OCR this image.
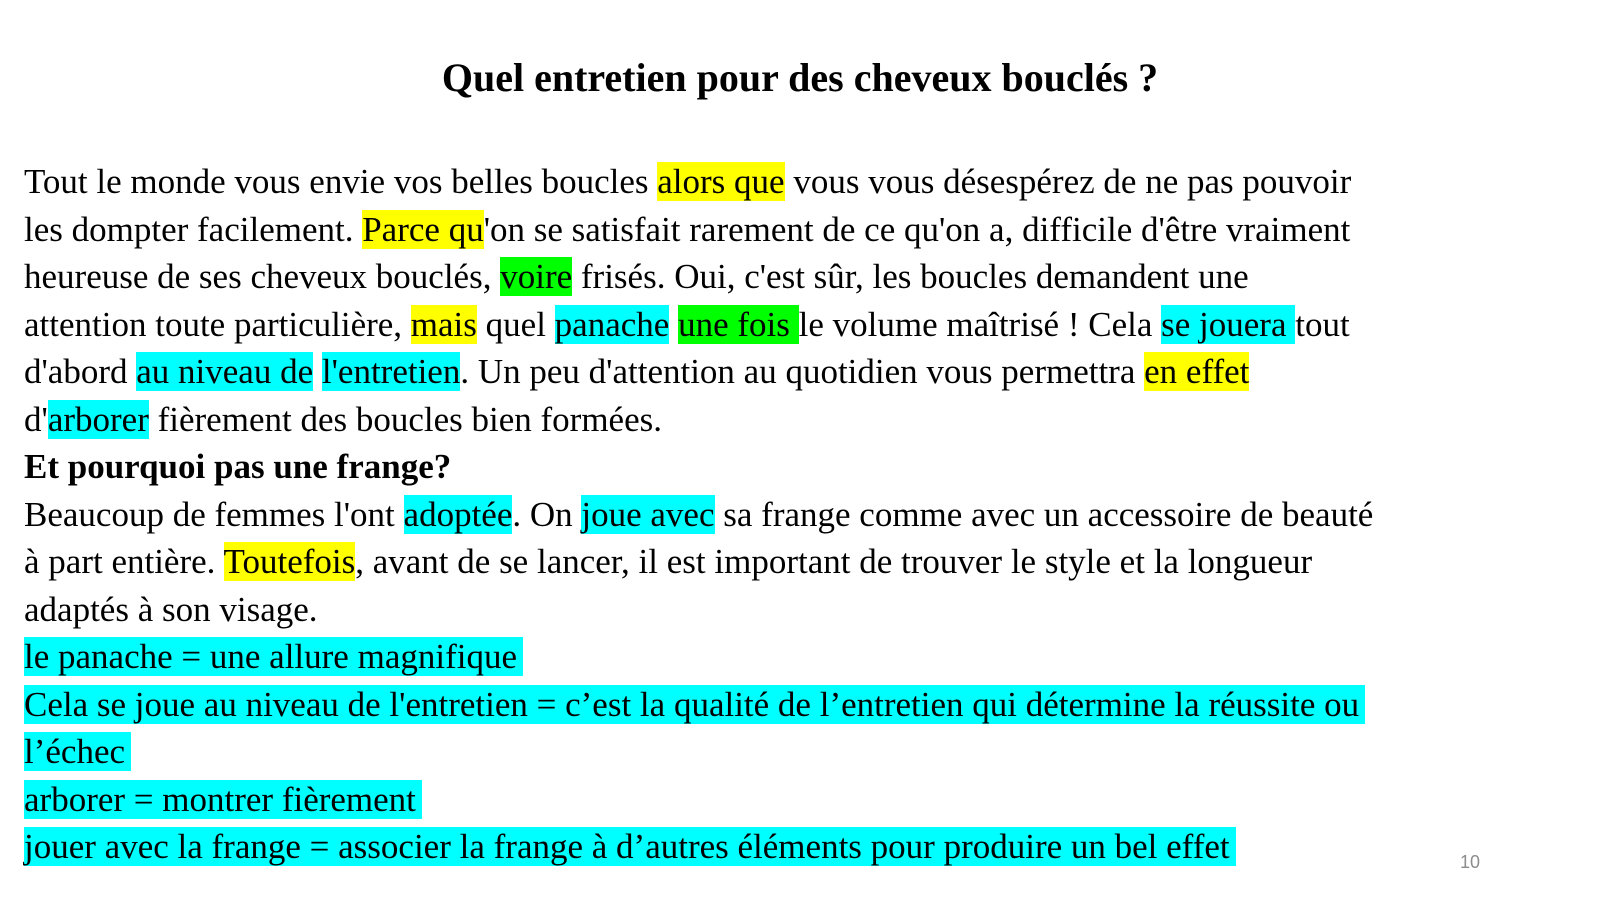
Quel entretien pour des cheveux bouclés ?
Tout le monde vous envie vos belles boucles alors que vous vous désespérez de ne pas pouvoir
les dompter facilement. Parce qu'on se satisfait rarement de ce qu'on a, difficile d'être vraiment
heureuse de ses cheveux bouclés, voire frisés. Oui, c'est sûr, les boucles demandent une
attention toute particulière, mais quel panache une fois le volume maîtrisé ! Cela se jouera tout
d'abord au niveau de l'entretien. Un peu d'attention au quotidien vous permettra en effet
d'arborer fièrement des boucles bien formées.
Et pourquoi pas une frange?
Beaucoup de femmes l'ont adoptée. On joue avec sa frange comme avec un accessoire de beauté
à part entière. Toutefois, avant de se lancer, il est important de trouver le style et la longueur
adaptés à son visage.
le panache = une allure magnifique
Cela se joue au niveau de l'entretien = c’est la qualité de l’entretien qui détermine la réussite ou
l’échec
arborer = montrer fièrement
jouer avec la frange = associer la frange à d’autres éléments pour produire un bel effet	10
